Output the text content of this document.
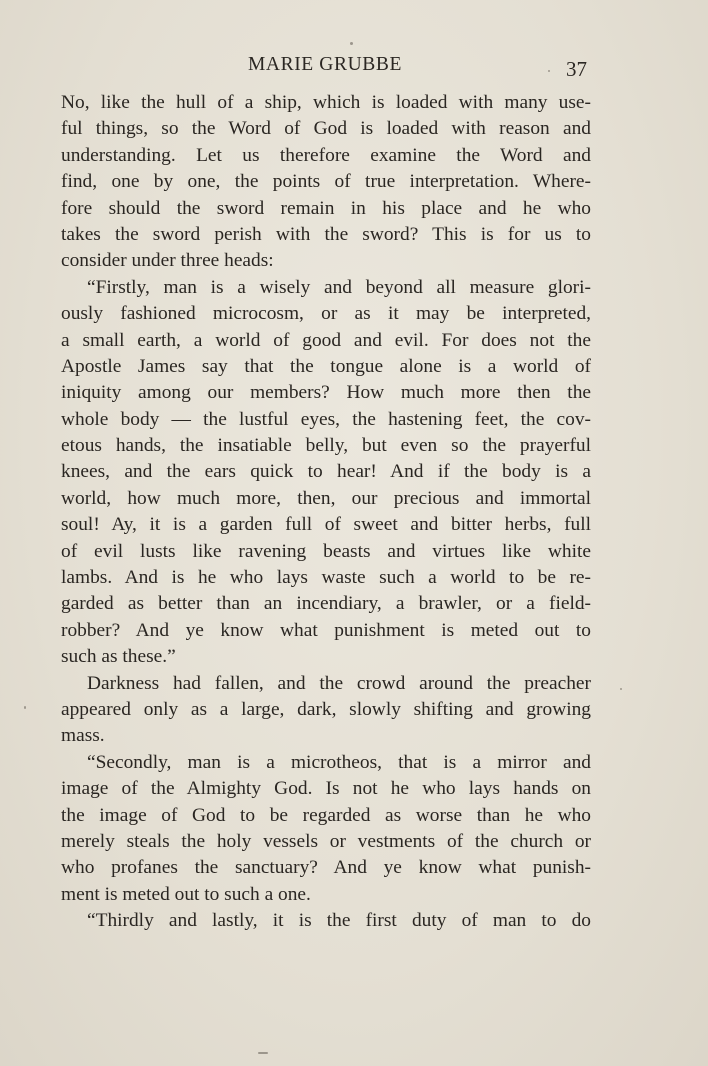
MARIE GRUBBE	37
No, like the hull of a ship, which is loaded with many use-
ful things, so the Word of God is loaded with reason and
understanding. Let us therefore examine the Word and
find, one by one, the points of true interpretation. Where-
fore should the sword remain in his place and he who
takes the sword perish with the sword? This is for us to
consider under three heads:
“Firstly, man is a wisely and beyond all measure glori-
ously fashioned microcosm, or as it may be interpreted,
a small earth, a world of good and evil. For does not the
Apostle James say that the tongue alone is a world of
iniquity among our members? How much more then the
whole body — the lustful eyes, the hastening feet, the cov-
etous hands, the insatiable belly, but even so the prayerful
knees, and the ears quick to hear! And if the body is a
world, how much more, then, our precious and immortal
soul! Ay, it is a garden full of sweet and bitter herbs, full
of evil lusts like ravening beasts and virtues like white
lambs. And is he who lays waste such a world to be re-
garded as better than an incendiary, a brawler, or a field-
robber? And ye know what punishment is meted out to
such as these.”
Darkness had fallen, and the crowd around the preacher
appeared only as a large, dark, slowly shifting and growing
mass.
“Secondly, man is a microtheos, that is a mirror and
image of the Almighty God. Is not he who lays hands on
the image of God to be regarded as worse than he who
merely steals the holy vessels or vestments of the church or
who profanes the sanctuary? And ye know what punish-
ment is meted out to such a one.
“Thirdly and lastly, it is the first duty of man to do
